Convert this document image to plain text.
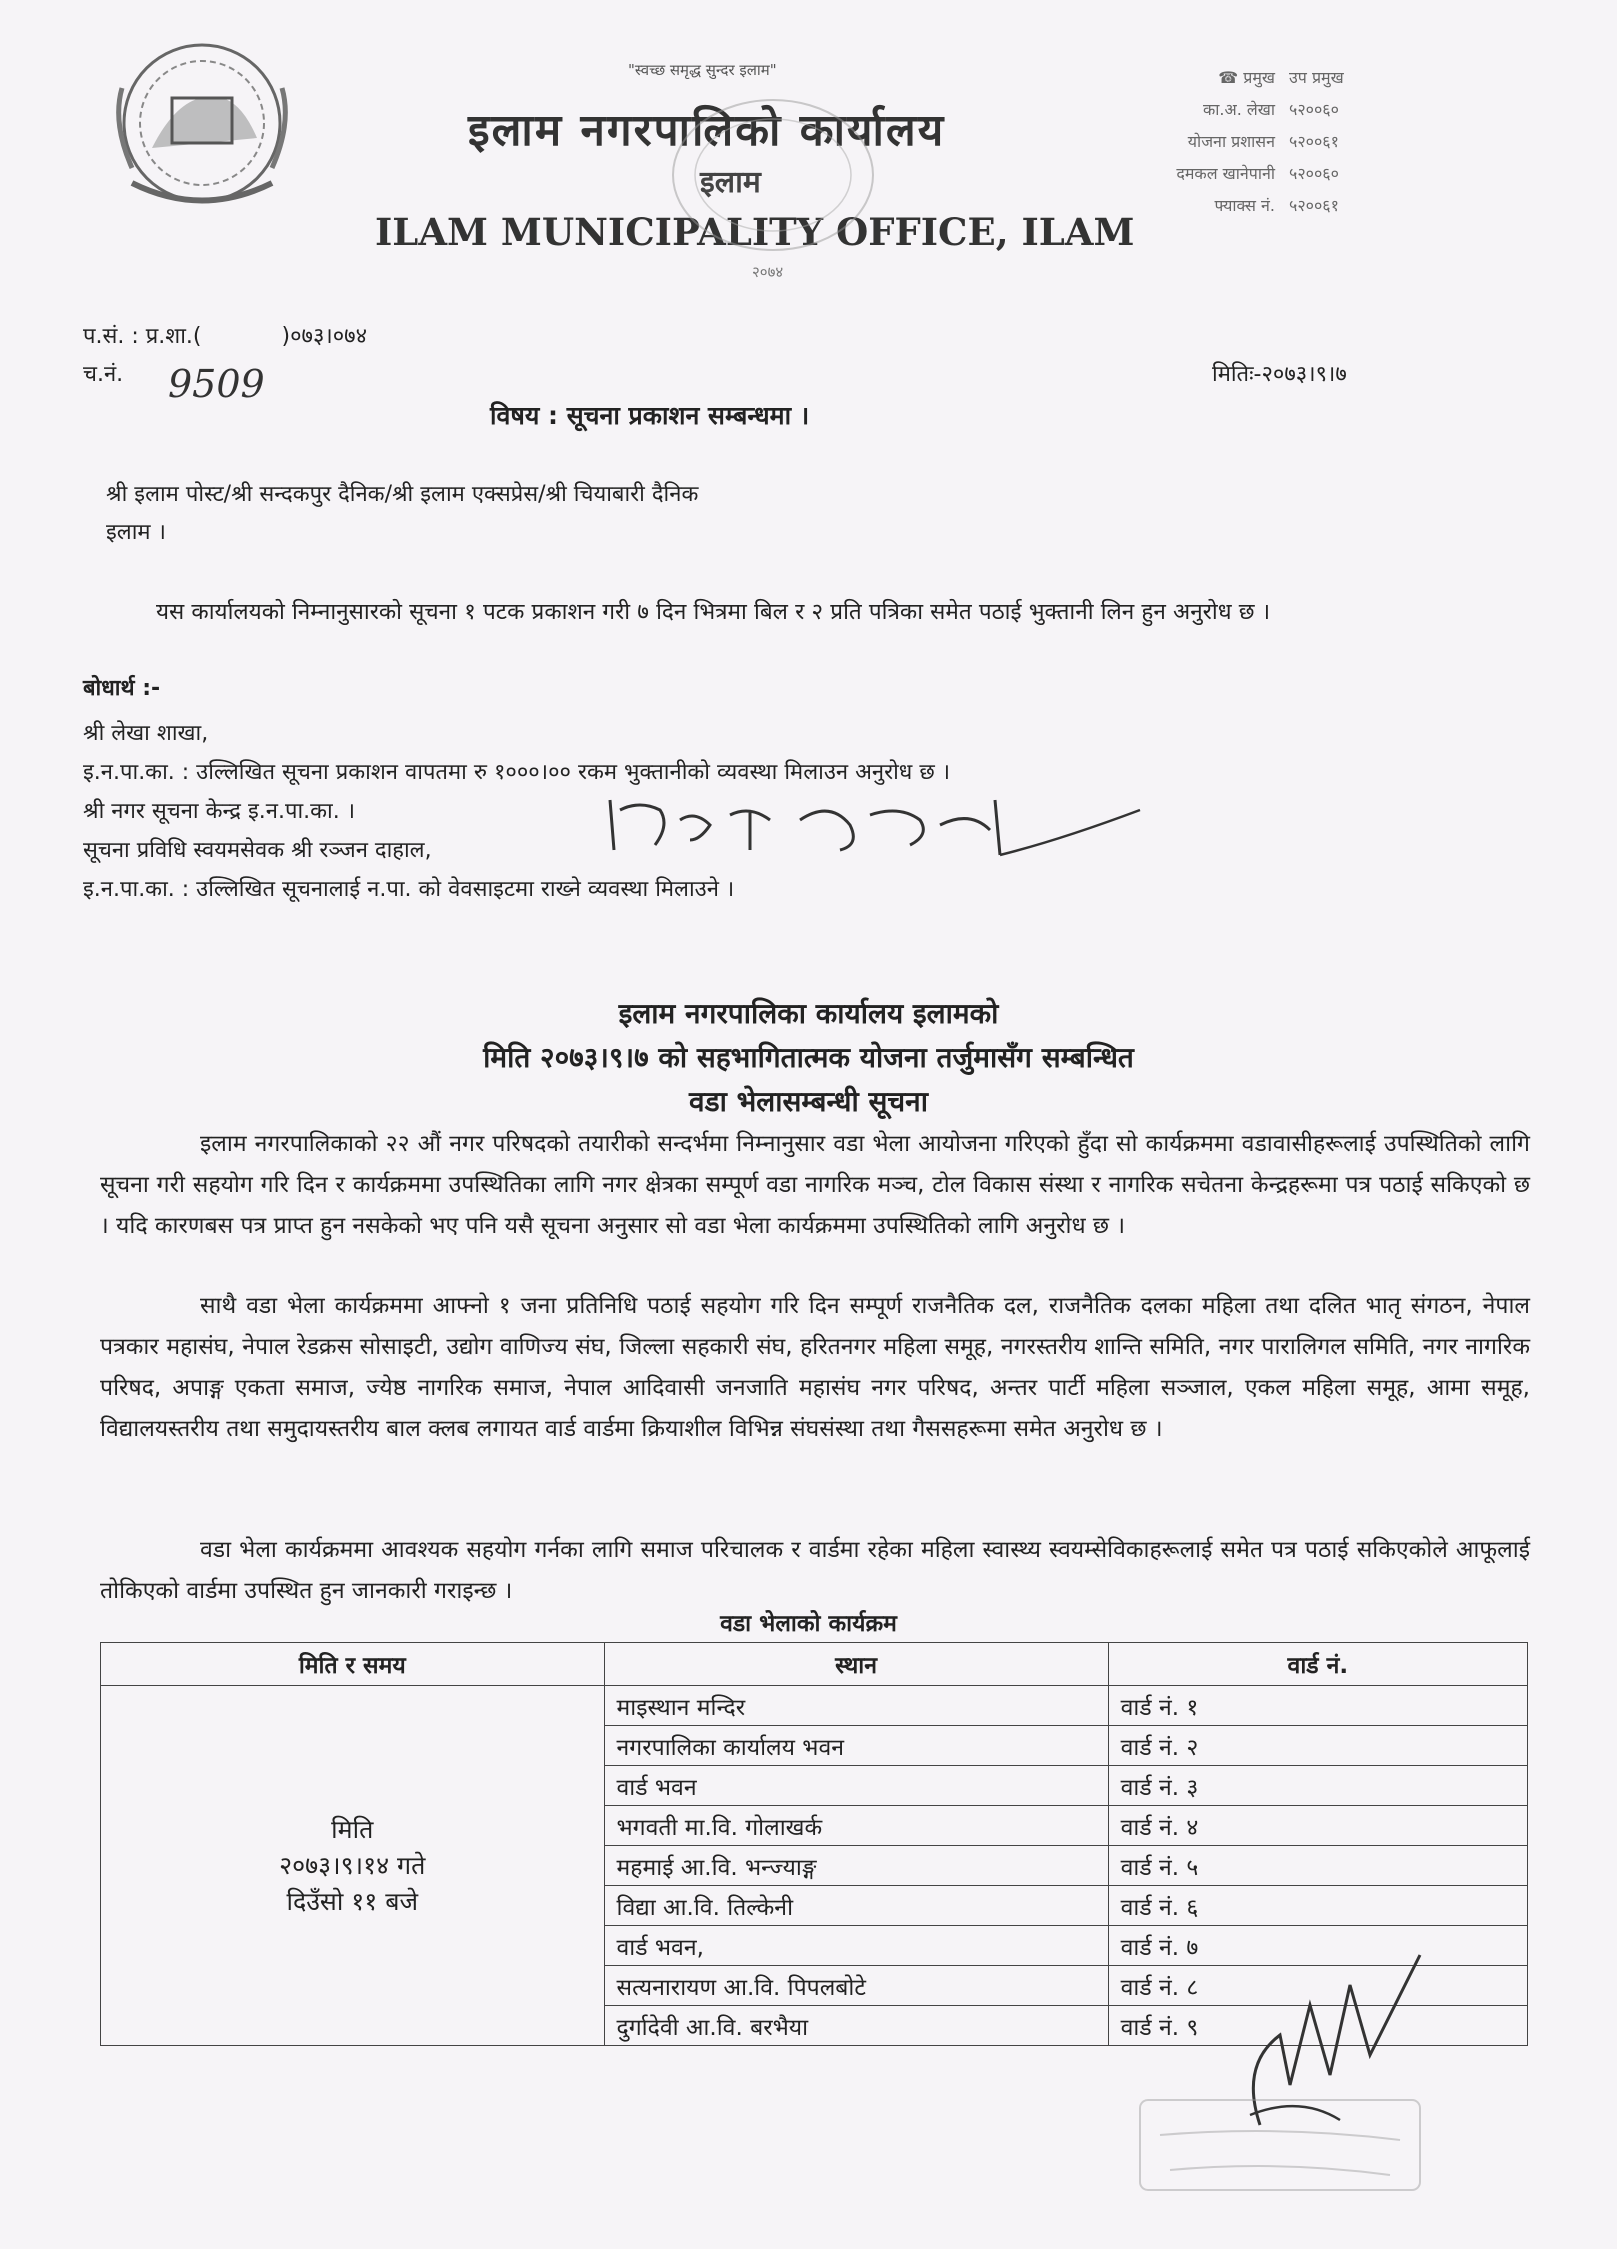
"स्वच्छ समृद्ध सुन्दर इलाम"
इलाम नगरपालिको कार्यालय
इलाम
ILAM MUNICIPALITY OFFICE, ILAM
२०७४
☎ प्रमुख उप प्रमुख
का.अ. लेखा ५२००६०
योजना प्रशासन ५२००६१
दमकल खानेपानी ५२००६०
फ्याक्स नं. ५२००६१
प.सं. : प्र.शा.(	)०७३।०७४
च.नं. 9509	मितिः-२०७३।९।७
विषय : सूचना प्रकाशन सम्बन्धमा ।
श्री इलाम पोस्ट/श्री सन्दकपुर दैनिक/श्री इलाम एक्सप्रेस/श्री चियाबारी दैनिक
इलाम ।
यस कार्यालयको निम्नानुसारको सूचना १ पटक प्रकाशन गरी ७ दिन भित्रमा बिल र २ प्रति पत्रिका समेत पठाई भुक्तानी लिन हुन अनुरोध छ ।
बोधार्थ :-
श्री लेखा शाखा,
इ.न.पा.का. : उल्लिखित सूचना प्रकाशन वापतमा रु १०००।०० रकम भुक्तानीको व्यवस्था मिलाउन अनुरोध छ ।
श्री नगर सूचना केन्द्र इ.न.पा.का. ।
सूचना प्रविधि स्वयमसेवक श्री रञ्जन दाहाल,
इ.न.पा.का. : उल्लिखित सूचनालाई न.पा. को वेवसाइटमा राख्ने व्यवस्था मिलाउने ।
इलाम नगरपालिका कार्यालय इलामको
मिति २०७३।९।७ को सहभागितात्मक योजना तर्जुमासँग सम्बन्धित
वडा भेलासम्बन्धी सूचना
इलाम नगरपालिकाको २२ औं नगर परिषदको तयारीको सन्दर्भमा निम्नानुसार वडा भेला आयोजना गरिएको हुँदा सो कार्यक्रममा वडावासीहरूलाई उपस्थितिको लागि सूचना गरी सहयोग गरि दिन र कार्यक्रममा उपस्थितिका लागि नगर क्षेत्रका सम्पूर्ण वडा नागरिक मञ्च, टोल विकास संस्था र नागरिक सचेतना केन्द्रहरूमा पत्र पठाई सकिएको छ । यदि कारणबस पत्र प्राप्त हुन नसकेको भए पनि यसै सूचना अनुसार सो वडा भेला कार्यक्रममा उपस्थितिको लागि अनुरोध छ ।
साथै वडा भेला कार्यक्रममा आफ्नो १ जना प्रतिनिधि पठाई सहयोग गरि दिन सम्पूर्ण राजनैतिक दल, राजनैतिक दलका महिला तथा दलित भातृ संगठन, नेपाल पत्रकार महासंघ, नेपाल रेडक्रस सोसाइटी, उद्योग वाणिज्य संघ, जिल्ला सहकारी संघ, हरितनगर महिला समूह, नगरस्तरीय शान्ति समिति, नगर पारालिगल समिति, नगर नागरिक परिषद, अपाङ्ग एकता समाज, ज्येष्ठ नागरिक समाज, नेपाल आदिवासी जनजाति महासंघ नगर परिषद, अन्तर पार्टी महिला सञ्जाल, एकल महिला समूह, आमा समूह, विद्यालयस्तरीय तथा समुदायस्तरीय बाल क्लब लगायत वार्ड वार्डमा क्रियाशील विभिन्न संघसंस्था तथा गैससहरूमा समेत अनुरोध छ ।
वडा भेला कार्यक्रममा आवश्यक सहयोग गर्नका लागि समाज परिचालक र वार्डमा रहेका महिला स्वास्थ्य स्वयम्सेविकाहरूलाई समेत पत्र पठाई सकिएकोले आफूलाई तोकिएको वार्डमा उपस्थित हुन जानकारी गराइन्छ ।
वडा भेलाको कार्यक्रम
मिति र समय	स्थान	वार्ड नं.

मिति
२०७३।९।१४ गते
दिउँसो ११ बजे	माइस्थान मन्दिर	वार्ड नं. १
	नगरपालिका कार्यालय भवन	वार्ड नं. २
	वार्ड भवन	वार्ड नं. ३
	भगवती मा.वि. गोलाखर्क	वार्ड नं. ४
	महमाई आ.वि. भन्ज्याङ्ग	वार्ड नं. ५
	विद्या आ.वि. तिल्केनी	वार्ड नं. ६
	वार्ड भवन,	वार्ड नं. ७
	सत्यनारायण आ.वि. पिपलबोटे	वार्ड नं. ८
	दुर्गादेवी आ.वि. बरभैया	वार्ड नं. ९
